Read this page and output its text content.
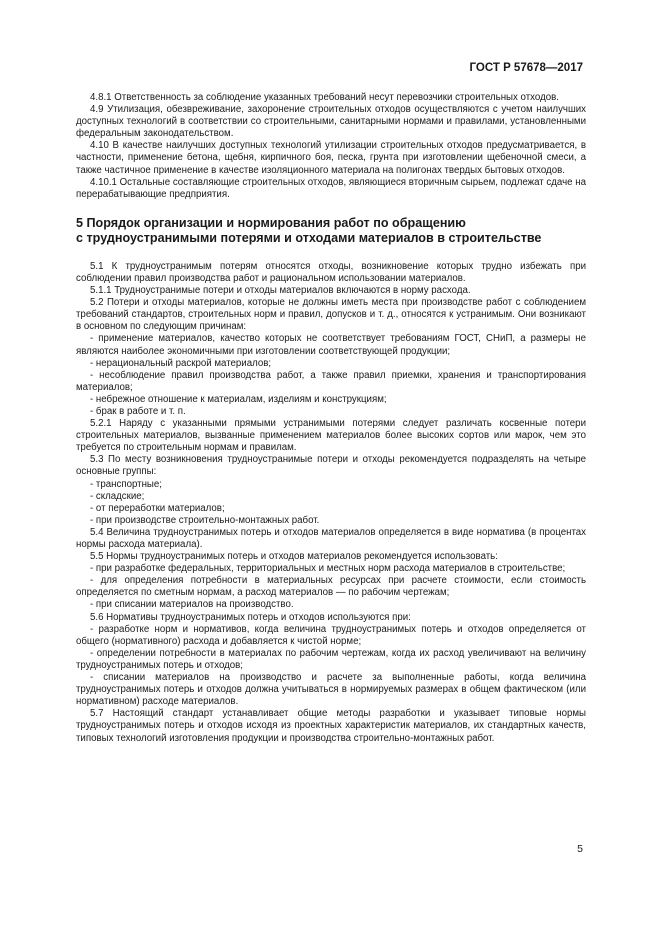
ГОСТ Р 57678—2017

4.8.1 Ответственность за соблюдение указанных требований несут перевозчики строительных отходов.

4.9 Утилизация, обезвреживание, захоронение строительных отходов осуществляются с учетом наилучших доступных технологий в соответствии со строительными, санитарными нормами и правилами, установленными федеральным законодательством.

4.10 В качестве наилучших доступных технологий утилизации строительных отходов предусматривается, в частности, применение бетона, щебня, кирпичного боя, песка, грунта при изготовлении щебеночной смеси, а также частичное применение в качестве изоляционного материала на полигонах твердых бытовых отходов.

4.10.1 Остальные составляющие строительных отходов, являющиеся вторичным сырьем, подлежат сдаче на перерабатывающие предприятия.

5 Порядок организации и нормирования работ по обращению

с трудноустранимыми потерями и отходами материалов в строительстве

5.1 К трудноустранимым потерям относятся отходы, возникновение которых трудно избежать при соблюдении правил производства работ и рациональном использовании материалов.

5.1.1 Трудноустранимые потери и отходы материалов включаются в норму расхода.

5.2 Потери и отходы материалов, которые не должны иметь места при производстве работ с соблюдением требований стандартов, строительных норм и правил, допусков и т. д., относятся к устранимым. Они возникают в основном по следующим причинам:

- применение материалов, качество которых не соответствует требованиям ГОСТ, СНиП, а размеры не являются наиболее экономичными при изготовлении соответствующей продукции;

- нерациональный раскрой материалов;

- несоблюдение правил производства работ, а также правил приемки, хранения и транспортирования материалов;

- небрежное отношение к материалам, изделиям и конструкциям;

- брак в работе и т. п.

5.2.1 Наряду с указанными прямыми устранимыми потерями следует различать косвенные потери строительных материалов, вызванные применением материалов более высоких сортов или марок, чем это требуется по строительным нормам и правилам.

5.3 По месту возникновения трудноустранимые потери и отходы рекомендуется подразделять на четыре основные группы:

- транспортные;

- складские;

- от переработки материалов;

- при производстве строительно-монтажных работ.

5.4 Величина трудноустранимых потерь и отходов материалов определяется в виде норматива (в процентах нормы расхода материала).

5.5 Нормы трудноустранимых потерь и отходов материалов рекомендуется использовать:

- при разработке федеральных, территориальных и местных норм расхода материалов в строительстве;

- для определения потребности в материальных ресурсах при расчете стоимости, если стоимость определяется по сметным нормам, а расход материалов — по рабочим чертежам;

- при списании материалов на производство.

5.6 Нормативы трудноустранимых потерь и отходов используются при:

- разработке норм и нормативов, когда величина трудноустранимых потерь и отходов определяется от общего (нормативного) расхода и добавляется к чистой норме;

- определении потребности в материалах по рабочим чертежам, когда их расход увеличивают на величину трудноустранимых потерь и отходов;

- списании материалов на производство и расчете за выполненные работы, когда величина трудноустранимых потерь и отходов должна учитываться в нормируемых размерах в общем фактическом (или нормативном) расходе материалов.

5.7 Настоящий стандарт устанавливает общие методы разработки и указывает типовые нормы трудноустранимых потерь и отходов исходя из проектных характеристик материалов, их стандартных качеств, типовых технологий изготовления продукции и производства строительно-монтажных работ.

5
